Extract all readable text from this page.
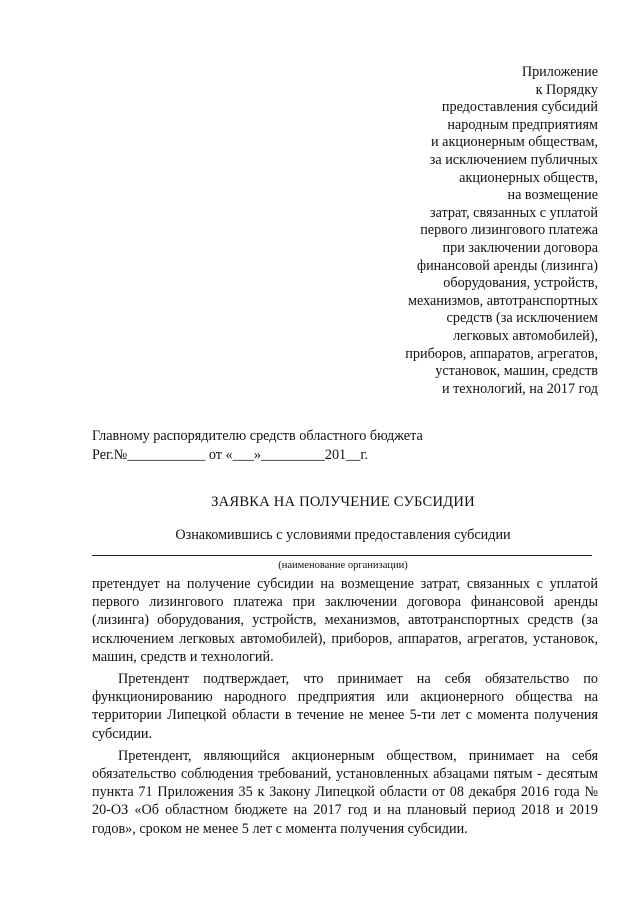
Приложение
к Порядку
предоставления субсидий
народным предприятиям
и акционерным обществам,
за исключением публичных
акционерных обществ,
на возмещение
затрат, связанных с уплатой
первого лизингового платежа
при заключении договора
финансовой аренды (лизинга)
оборудования, устройств,
механизмов, автотранспортных
средств (за исключением
легковых автомобилей),
приборов, аппаратов, агрегатов,
установок, машин, средств
и технологий, на 2017 год
Главному распорядителю средств областного бюджета
Рег.№___________ от «___»_________201__г.
ЗАЯВКА НА ПОЛУЧЕНИЕ СУБСИДИИ
Ознакомившись с условиями предоставления субсидии
(наименование организации)

претендует на получение субсидии на возмещение затрат, связанных с уплатой первого лизингового платежа при заключении договора финансовой аренды (лизинга) оборудования, устройств, механизмов, автотранспортных средств (за исключением легковых автомобилей), приборов, аппаратов, агрегатов, установок, машин, средств и технологий.

Претендент подтверждает, что принимает на себя обязательство по функционированию народного предприятия или акционерного общества на территории Липецкой области в течение не менее 5-ти лет с момента получения субсидии.

Претендент, являющийся акционерным обществом, принимает на себя обязательство соблюдения требований, установленных абзацами пятым - десятым пункта 71 Приложения 35 к Закону Липецкой области от 08 декабря 2016 года № 20-ОЗ «Об областном бюджете на 2017 год и на плановый период 2018 и 2019 годов», сроком не менее 5 лет с момента получения субсидии.
